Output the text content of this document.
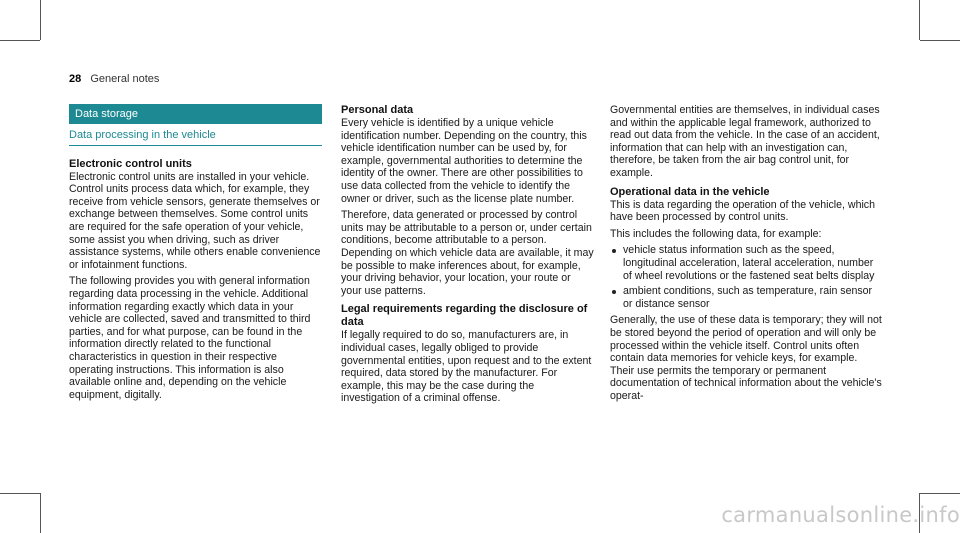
28 General notes
Data storage
Data processing in the vehicle
Electronic control units

Electronic control units are installed in your vehicle. Control units process data which, for example, they receive from vehicle sensors, generate themselves or exchange between themselves. Some control units are required for the safe operation of your vehicle, some assist you when driving, such as driver assistance systems, while others enable convenience or infotainment functions.

The following provides you with general information regarding data processing in the vehicle. Additional information regarding exactly which data in your vehicle are collected, saved and transmitted to third parties, and for what purpose, can be found in the information directly related to the functional characteristics in question in their respective operating instructions. This information is also available online and, depending on the vehicle equipment, digitally.

Personal data

Every vehicle is identified by a unique vehicle identification number. Depending on the country, this vehicle identification number can be used by, for example, governmental authorities to determine the identity of the owner. There are other possibilities to use data collected from the vehicle to identify the owner or driver, such as the license plate number.

Therefore, data generated or processed by control units may be attributable to a person or, under certain conditions, become attributable to a person. Depending on which vehicle data are available, it may be possible to make inferences about, for example, your driving behavior, your location, your route or your use patterns.

Legal requirements regarding the disclosure of data

If legally required to do so, manufacturers are, in individual cases, legally obliged to provide governmental entities, upon request and to the extent required, data stored by the manufacturer. For example, this may be the case during the investigation of a criminal offense.

Governmental entities are themselves, in individual cases and within the applicable legal framework, authorized to read out data from the vehicle. In the case of an accident, information that can help with an investigation can, therefore, be taken from the air bag control unit, for example.

Operational data in the vehicle

This is data regarding the operation of the vehicle, which have been processed by control units.

This includes the following data, for example:

vehicle status information such as the speed, longitudinal acceleration, lateral acceleration, number of wheel revolutions or the fastened seat belts display
ambient conditions, such as temperature, rain sensor or distance sensor

Generally, the use of these data is temporary; they will not be stored beyond the period of operation and will only be processed within the vehicle itself. Control units often contain data memories for vehicle keys, for example. Their use permits the temporary or permanent documentation of technical information about the vehicle's operat-

carmanualsonline.info
